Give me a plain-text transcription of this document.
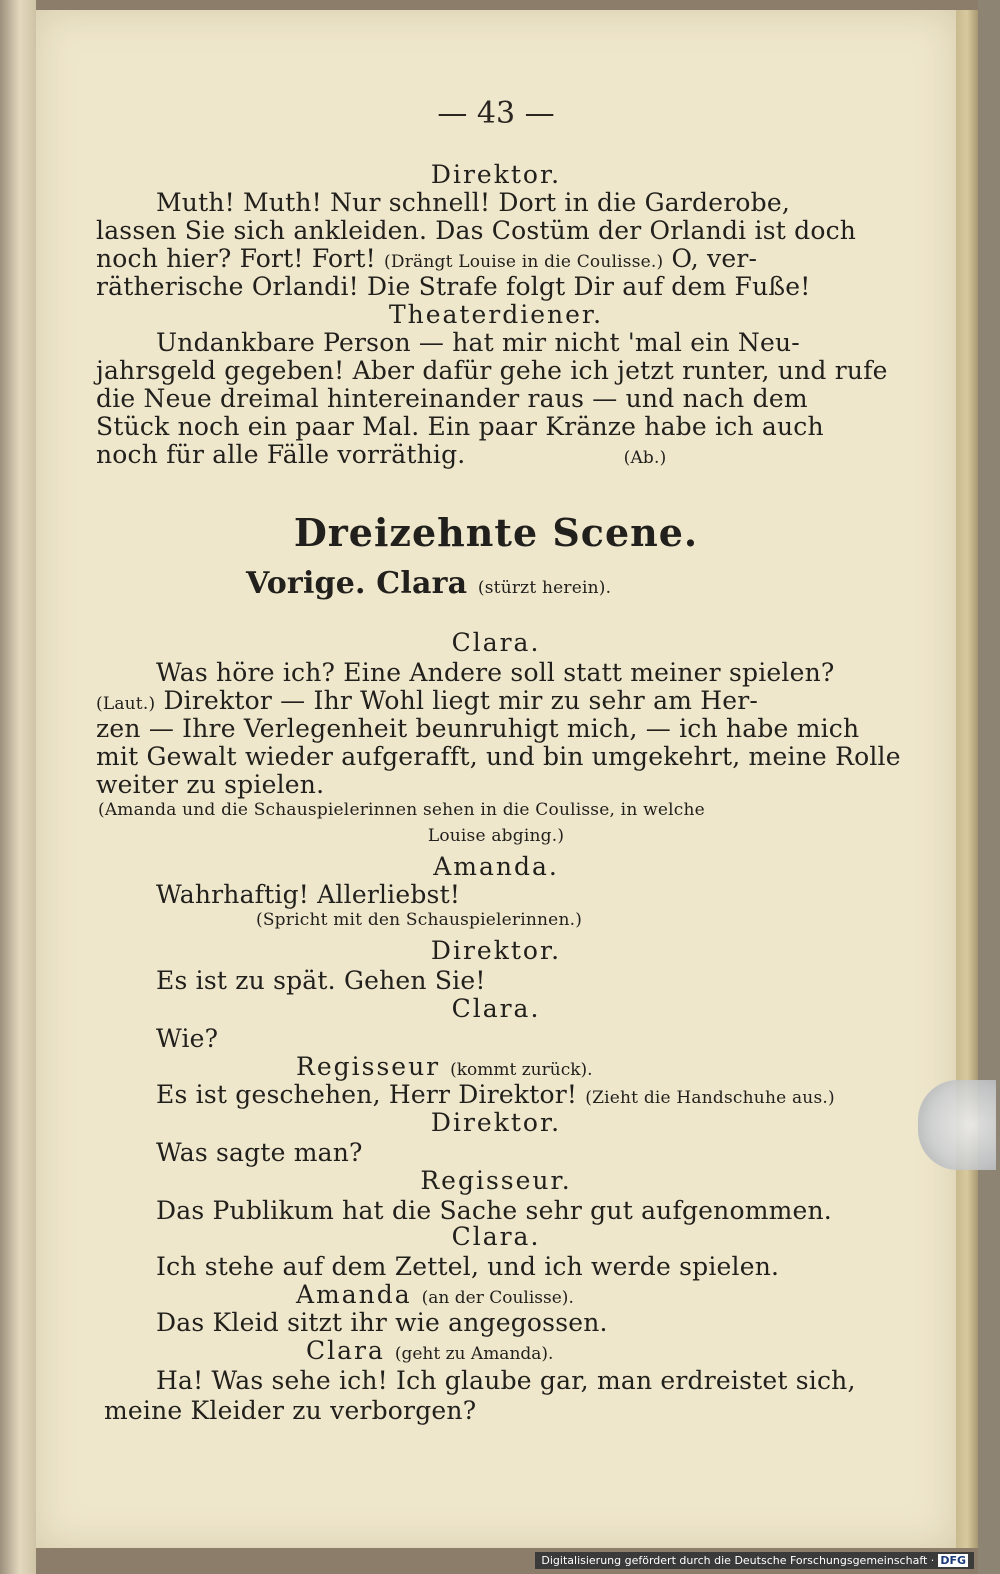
— 43 —
Direktor.
Muth! Muth! Nur schnell! Dort in die Garderobe,
lassen Sie sich ankleiden. Das Costüm der Orlandi ist doch
noch hier? Fort! Fort! (Drängt Louise in die Coulisse.) O, ver-
rätherische Orlandi! Die Strafe folgt Dir auf dem Fuße!
Theaterdiener.
Undankbare Person — hat mir nicht 'mal ein Neu-
jahrsgeld gegeben! Aber dafür gehe ich jetzt runter, und rufe
die Neue dreimal hintereinander raus — und nach dem
Stück noch ein paar Mal. Ein paar Kränze habe ich auch
noch für alle Fälle vorräthig.	(Ab.)
Dreizehnte Scene.
Vorige. Clara (stürzt herein).
Clara.
Was höre ich? Eine Andere soll statt meiner spielen?
(Laut.) Direktor — Ihr Wohl liegt mir zu sehr am Her-
zen — Ihre Verlegenheit beunruhigt mich, — ich habe mich
mit Gewalt wieder aufgerafft, und bin umgekehrt, meine Rolle
weiter zu spielen.
(Amanda und die Schauspielerinnen sehen in die Coulisse, in welche
Louise abging.)
Amanda.
Wahrhaftig! Allerliebst!
(Spricht mit den Schauspielerinnen.)
Direktor.
Es ist zu spät. Gehen Sie!
Clara.
Wie?
Regisseur (kommt zurück).
Es ist geschehen, Herr Direktor! (Zieht die Handschuhe aus.)
Direktor.
Was sagte man?
Regisseur.
Das Publikum hat die Sache sehr gut aufgenommen.
Clara.
Ich stehe auf dem Zettel, und ich werde spielen.
Amanda (an der Coulisse).
Das Kleid sitzt ihr wie angegossen.
Clara (geht zu Amanda).
Ha! Was sehe ich! Ich glaube gar, man erdreistet sich,
meine Kleider zu verborgen?
Digitalisierung gefördert durch die Deutsche Forschungsgemeinschaft · DFG
